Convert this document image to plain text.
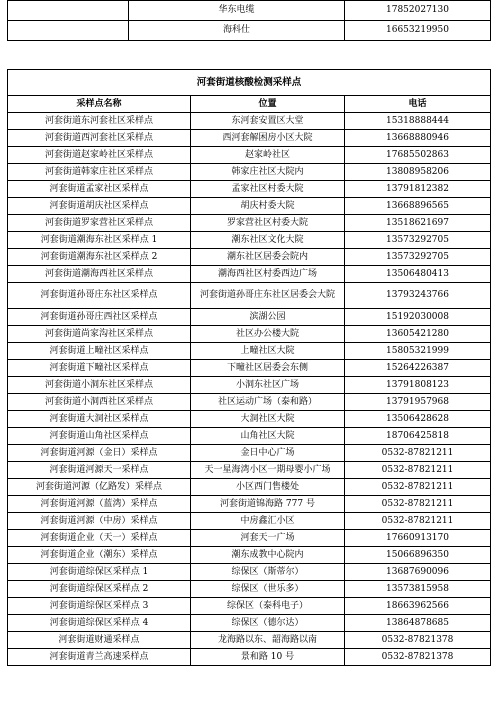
	华东电缆	17852027130
	海科仕	16653219950
河套街道核酸检测采样点		
采样点名称	位置	电话
河套街道东河套社区采样点	东河套安置区大堂	15318888444
河套街道西河套社区采样点	西河套解困房小区大院	13668880946
河套街道赵家岭社区采样点	赵家岭社区	17685502863
河套街道韩家庄社区采样点	韩家庄社区大院内	13808958206
河套街道孟家社区采样点	孟家社区村委大院	13791812382
河套街道胡庆社区采样点	胡庆村委大院	13668896565
河套街道罗家营社区采样点	罗家营社区村委大院	13518621697
河套街道潮海东社区采样点 1	潮东社区文化大院	13573292705
河套街道潮海东社区采样点 2	潮东社区居委会院内	13573292705
河套街道潮海西社区采样点	潮海西社区村委西边广场	13506480413
河套街道孙哥庄东社区采样点	河套街道孙哥庄东社区居委会大院	13793243766
河套街道孙哥庄西社区采样点	滨湖公园	15192030008
河套街道尚家沟社区采样点	社区办公楼大院	13605421280
河套街道上疃社区采样点	上疃社区大院	15805321999
河套街道下疃社区采样点	下疃社区居委会东侧	15264226387
河套街道小洞东社区采样点	小洞东社区广场	13791808123
河套街道小洞西社区采样点	社区运动广场（泰和路）	13791957968
河套街道大洞社区采样点	大洞社区大院	13506428628
河套街道山角社区采样点	山角社区大院	18706425818
河套街道河源（金日）采样点	金日中心广场	0532-87821211
河套街道河源天一采样点	天一星海湾小区一期母婴小广场	0532-87821211
河套街道河源（亿路发）采样点	小区西门售楼处	0532-87821211
河套街道河源（蓝湾）采样点	河套街道锦海路 777 号	0532-87821211
河套街道河源（中房）采样点	中房鑫汇小区	0532-87821211
河套街道企业（天一）采样点	河套天一广场	17660913170
河套街道企业（潮东）采样点	潮东成教中心院内	15066896350
河套街道综保区采样点 1	综保区（斯蒂尔）	13687690096
河套街道综保区采样点 2	综保区（世乐多）	13573815958
河套街道综保区采样点 3	综保区（泰科电子）	18663962566
河套街道综保区采样点 4	综保区（德尔达）	13864878685
河套街道财通采样点	龙海路以东、韶海路以南	0532-87821378
河套街道青兰高速采样点	景和路 10 号	0532-87821378
